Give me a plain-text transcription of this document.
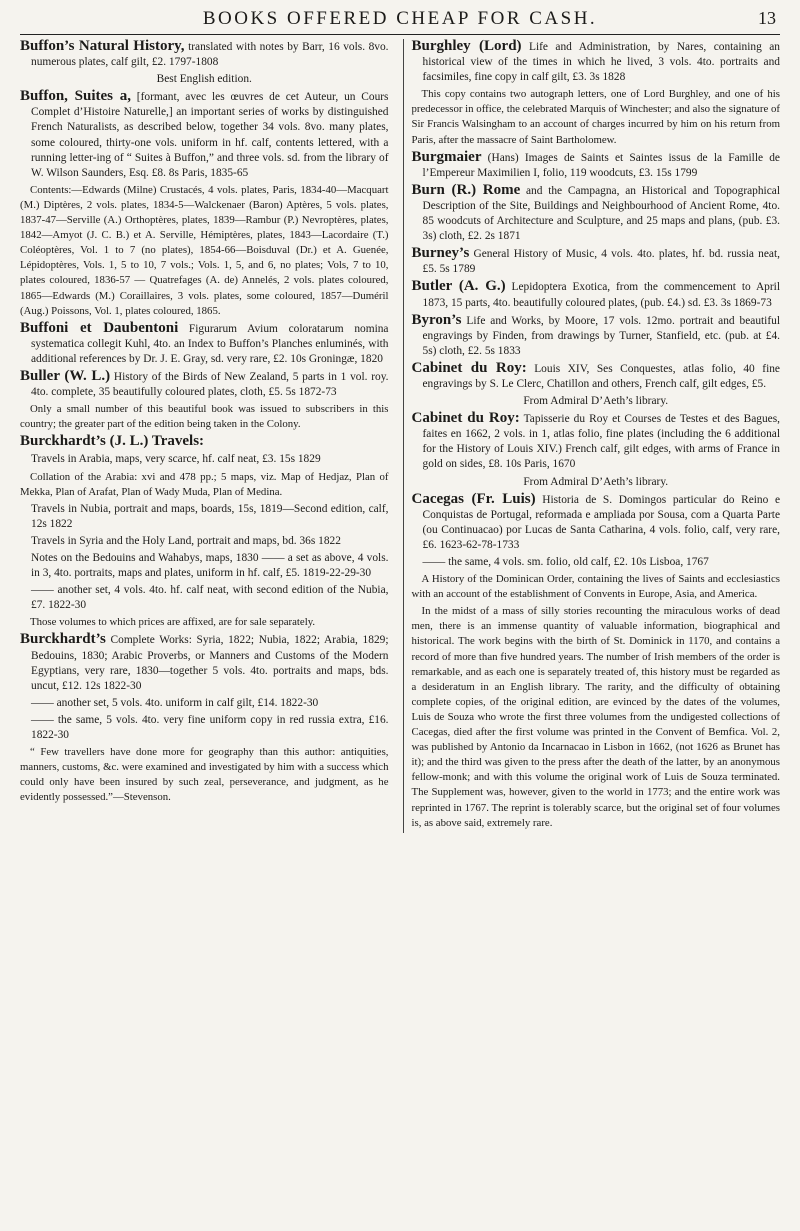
BOOKS OFFERED CHEAP FOR CASH.	13

Buffon’s Natural History, translated with notes by Barr, 16 vols. 8vo. numerous plates, calf gilt, £2. 1797-1808

Best English edition.

Buffon, Suites a, [formant, avec les œuvres de cet Auteur, un Cours Complet d’Histoire Naturelle,] an important series of works by distinguished French Naturalists, as described below, together 34 vols. 8vo. many plates, some coloured, thirty-one vols. uniform in hf. calf, contents lettered, with a running letter-ing of “ Suites à Buffon,” and three vols. sd. from the library of W. Wilson Saunders, Esq. £8. 8s Paris, 1835-65

Contents:—Edwards (Milne) Crustacés, 4 vols. plates, Paris, 1834-40—Macquart (M.) Diptères, 2 vols. plates, 1834-5—Walckenaer (Baron) Aptères, 5 vols. plates, 1837-47—Serville (A.) Orthoptères, plates, 1839—Rambur (P.) Nevroptères, plates, 1842—Amyot (J. C. B.) et A. Serville, Hémiptères, plates, 1843—Lacordaire (T.) Coléoptères, Vol. 1 to 7 (no plates), 1854-66—Boisduval (Dr.) et A. Guenée, Lépidoptères, Vols. 1, 5 to 10, 7 vols.; Vols. 1, 5, and 6, no plates; Vols, 7 to 10, plates coloured, 1836-57 — Quatrefages (A. de) Annelés, 2 vols. plates coloured, 1865—Edwards (M.) Coraillaires, 3 vols. plates, some coloured, 1857—Duméril (Aug.) Poissons, Vol. 1, plates coloured, 1865.

Buffoni et Daubentoni Figurarum Avium coloratarum nomina systematica collegit Kuhl, 4to. an Index to Buffon’s Planches enluminés, with additional references by Dr. J. E. Gray, sd. very rare, £2. 10s Groningæ, 1820

Buller (W. L.) History of the Birds of New Zealand, 5 parts in 1 vol. roy. 4to. complete, 35 beautifully coloured plates, cloth, £5. 5s 1872-73

Only a small number of this beautiful book was issued to subscribers in this country; the greater part of the edition being taken in the Colony.

Burckhardt’s (J. L.) Travels:

Travels in Arabia, maps, very scarce, hf. calf neat, £3. 15s 1829

Collation of the Arabia: xvi and 478 pp.; 5 maps, viz. Map of Hedjaz, Plan of Mekka, Plan of Arafat, Plan of Wady Muda, Plan of Medina.

Travels in Nubia, portrait and maps, boards, 15s, 1819—Second edition, calf, 12s 1822

Travels in Syria and the Holy Land, portrait and maps, bd. 36s 1822

Notes on the Bedouins and Wahabys, maps, 1830 —— a set as above, 4 vols. in 3, 4to. portraits, maps and plates, uniform in hf. calf, £5. 1819-22-29-30

—— another set, 4 vols. 4to. hf. calf neat, with second edition of the Nubia, £7. 1822-30

Those volumes to which prices are affixed, are for sale separately.

Burckhardt’s Complete Works: Syria, 1822; Nubia, 1822; Arabia, 1829; Bedouins, 1830; Arabic Proverbs, or Manners and Customs of the Modern Egyptians, very rare, 1830—together 5 vols. 4to. portraits and maps, bds. uncut, £12. 12s 1822-30

—— another set, 5 vols. 4to. uniform in calf gilt, £14. 1822-30

—— the same, 5 vols. 4to. very fine uniform copy in red russia extra, £16. 1822-30

“ Few travellers have done more for geography than this author: antiquities, manners, customs, &c. were examined and investigated by him with a success which could only have been insured by such zeal, perseverance, and judgment, as he evidently possessed.”—Stevenson.

Burghley (Lord) Life and Administration, by Nares, containing an historical view of the times in which he lived, 3 vols. 4to. portraits and facsimiles, fine copy in calf gilt, £3. 3s 1828

This copy contains two autograph letters, one of Lord Burghley, and one of his predecessor in office, the celebrated Marquis of Winchester; and also the signature of Sir Francis Walsingham to an account of charges incurred by him on his return from Paris, after the massacre of Saint Bartholomew.

Burgmaier (Hans) Images de Saints et Saintes issus de la Famille de l’Empereur Maximilien I, folio, 119 woodcuts, £3. 15s 1799

Burn (R.) Rome and the Campagna, an Historical and Topographical Description of the Site, Buildings and Neighbourhood of Ancient Rome, 4to. 85 woodcuts of Architecture and Sculpture, and 25 maps and plans, (pub. £3. 3s) cloth, £2. 2s 1871

Burney’s General History of Music, 4 vols. 4to. plates, hf. bd. russia neat, £5. 5s 1789

Butler (A. G.) Lepidoptera Exotica, from the commencement to April 1873, 15 parts, 4to. beautifully coloured plates, (pub. £4.) sd. £3. 3s 1869-73

Byron’s Life and Works, by Moore, 17 vols. 12mo. portrait and beautiful engravings by Finden, from drawings by Turner, Stanfield, etc. (pub. at £4. 5s) cloth, £2. 5s 1833

Cabinet du Roy: Louis XIV, Ses Conquestes, atlas folio, 40 fine engravings by S. Le Clerc, Chatillon and others, French calf, gilt edges, £5.

From Admiral D’Aeth’s library.

Cabinet du Roy: Tapisserie du Roy et Courses de Testes et des Bagues, faites en 1662, 2 vols. in 1, atlas folio, fine plates (including the 6 additional for the History of Louis XIV.) French calf, gilt edges, with arms of France in gold on sides, £8. 10s Paris, 1670

From Admiral D’Aeth’s library.

Cacegas (Fr. Luis) Historia de S. Domingos particular do Reino e Conquistas de Portugal, reformada e ampliada por Sousa, com a Quarta Parte (ou Continuacao) por Lucas de Santa Catharina, 4 vols. folio, calf, very rare, £6. 1623-62-78-1733

—— the same, 4 vols. sm. folio, old calf, £2. 10s Lisboa, 1767

A History of the Dominican Order, containing the lives of Saints and ecclesiastics with an account of the establishment of Convents in Europe, Asia, and America.

In the midst of a mass of silly stories recounting the miraculous works of dead men, there is an immense quantity of valuable information, biographical and historical. The work begins with the birth of St. Dominick in 1170, and contains a record of more than five hundred years. The number of Irish members of the order is remarkable, and as each one is separately treated of, this history must be regarded as a desideratum in an English library. The rarity, and the difficulty of obtaining complete copies, of the original edition, are evinced by the dates of the volumes, Luis de Souza who wrote the first three volumes from the undigested collections of Cacegas, died after the first volume was printed in the Convent of Bemfica. Vol. 2, was published by Antonio da Incarnacao in Lisbon in 1662, (not 1626 as Brunet has it); and the third was given to the press after the death of the latter, by an anonymous fellow-monk; and with this volume the original work of Luis de Souza terminated. The Supplement was, however, given to the world in 1773; and the entire work was reprinted in 1767. The reprint is tolerably scarce, but the original set of four volumes is, as above said, extremely rare.
